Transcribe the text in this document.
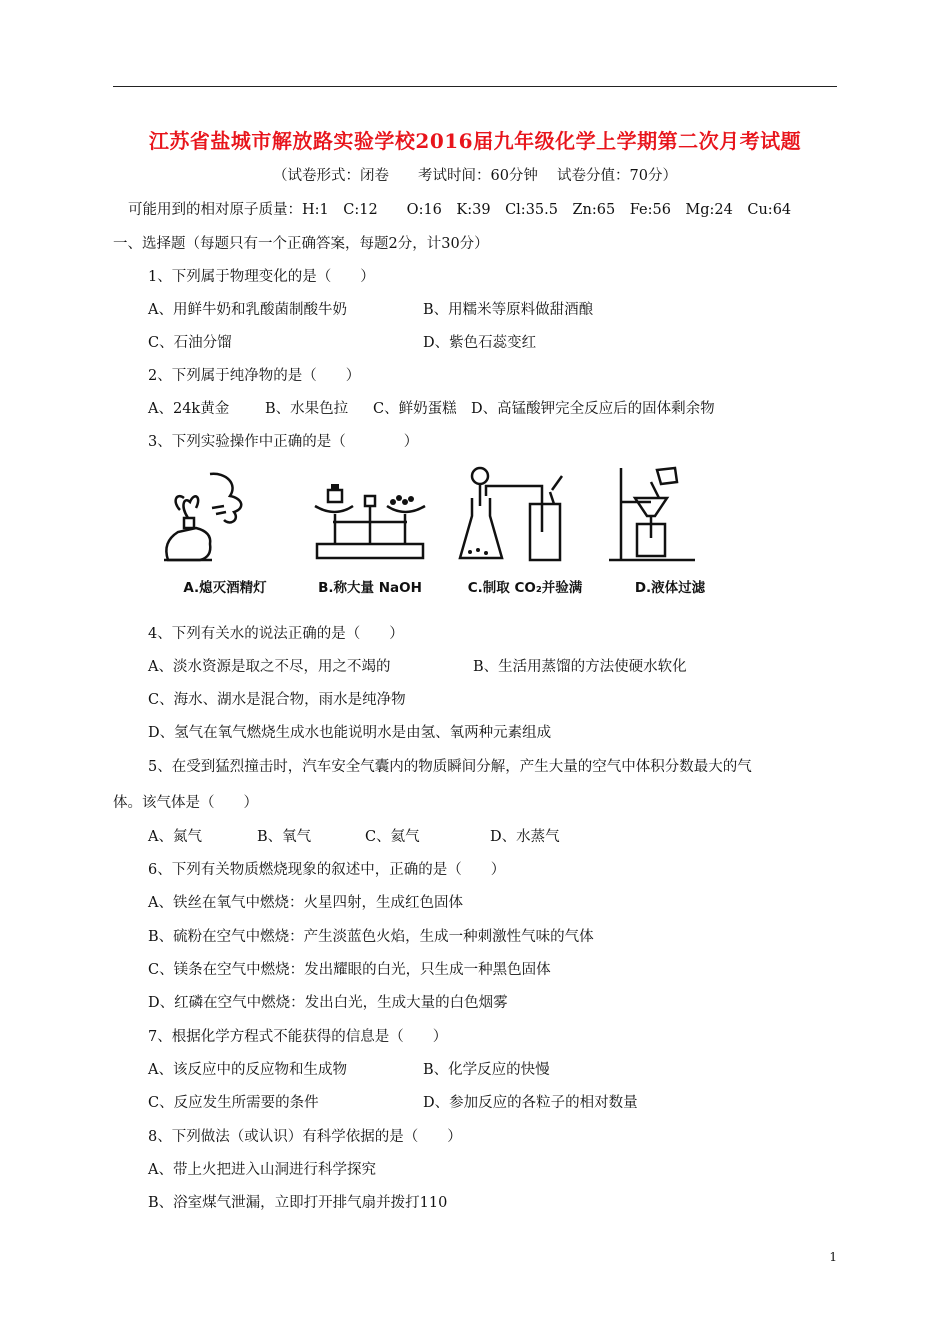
江苏省盐城市解放路实验学校2016届九年级化学上学期第二次月考试题
（试卷形式：闭卷　　考试时间：60分钟　 试卷分值：70分）
可能用到的相对原子质量：H:1　C:12　　O:16　K:39　Cl:35.5　Zn:65　Fe:56　Mg:24　Cu:64
一、选择题（每题只有一个正确答案，每题2分，计30分）
1、下列属于物理变化的是（　　）
A、用鲜牛奶和乳酸菌制酸牛奶	B、用糯米等原料做甜酒酿
C、石油分馏	D、紫色石蕊变红
2、下列属于纯净物的是（　　）
A、24k黄金 B、水果色拉 C、鲜奶蛋糕 D、高锰酸钾完全反应后的固体剩余物
3、下列实验操作中正确的是（　　　　）
A.熄灭酒精灯	B.称大量 NaOH	C.制取 CO₂并验满	D.液体过滤
4、下列有关水的说法正确的是（　　）
A、淡水资源是取之不尽，用之不竭的	B、生活用蒸馏的方法使硬水软化
C、海水、湖水是混合物，雨水是纯净物
D、氢气在氧气燃烧生成水也能说明水是由氢、氧两种元素组成
5、在受到猛烈撞击时，汽车安全气囊内的物质瞬间分解，产生大量的空气中体积分数最大的气
体。该气体是（　　）
A、氮气	B、氧气	C、氦气	D、水蒸气
6、下列有关物质燃烧现象的叙述中，正确的是（　　）
A、铁丝在氧气中燃烧：火星四射，生成红色固体
B、硫粉在空气中燃烧：产生淡蓝色火焰，生成一种刺激性气味的气体
C、镁条在空气中燃烧：发出耀眼的白光，只生成一种黑色固体
D、红磷在空气中燃烧：发出白光，生成大量的白色烟雾
7、根据化学方程式不能获得的信息是（　　）
A、该反应中的反应物和生成物	B、化学反应的快慢
C、反应发生所需要的条件	D、参加反应的各粒子的相对数量
8、下列做法（或认识）有科学依据的是（　　）
A、带上火把进入山洞进行科学探究
B、浴室煤气泄漏，立即打开排气扇并拨打110
1
